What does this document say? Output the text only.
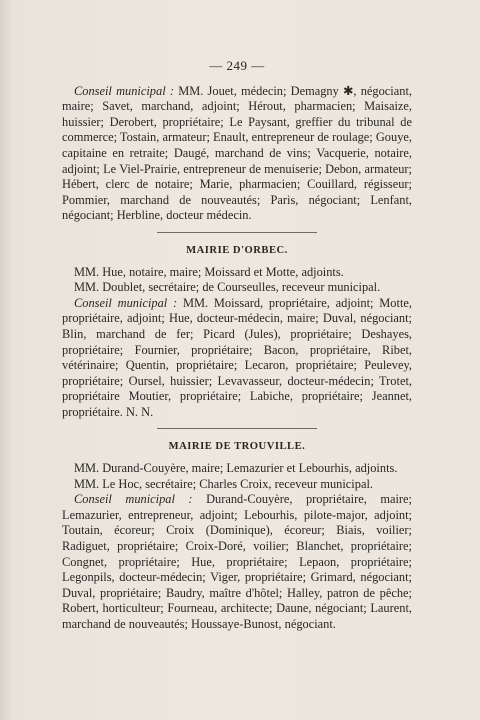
— 249 —

Conseil municipal : MM. Jouet, médecin; Demagny ✱, négociant, maire; Savet, marchand, adjoint; Hérout, pharmacien; Maisaize, huissier; Derobert, propriétaire; Le Paysant, greffier du tribunal de commerce; Tostain, armateur; Enault, entrepreneur de roulage; Gouye, capitaine en retraite; Daugé, marchand de vins; Vacquerie, notaire, adjoint; Le Viel-Prairie, entrepreneur de menuiserie; Debon, armateur; Hébert, clerc de notaire; Marie, pharmacien; Couillard, régisseur; Pommier, marchand de nouveautés; Paris, négociant; Lenfant, négociant; Herbline, docteur médecin.

MAIRIE D'ORBEC.

MM. Hue, notaire, maire; Moissard et Motte, adjoints.

MM. Doublet, secrétaire; de Courseulles, receveur municipal.

Conseil municipal : MM. Moissard, propriétaire, adjoint; Motte, propriétaire, adjoint; Hue, docteur-médecin, maire; Duval, négociant; Blin, marchand de fer; Picard (Jules), propriétaire; Deshayes, propriétaire; Fournier, propriétaire; Bacon, propriétaire, Ribet, vétérinaire; Quentin, propriétaire; Lecaron, propriétaire; Peulevey, propriétaire; Oursel, huissier; Levavasseur, docteur-médecin; Trotet, propriétaire Moutier, propriétaire; Labiche, propriétaire; Jeannet, propriétaire. N. N.

MAIRIE DE TROUVILLE.

MM. Durand-Couyère, maire; Lemazurier et Lebourhis, adjoints.

MM. Le Hoc, secrétaire; Charles Croix, receveur municipal.

Conseil municipal : Durand-Couyère, propriétaire, maire; Lemazurier, entrepreneur, adjoint; Lebourhis, pilote-major, adjoint; Toutain, écoreur; Croix (Dominique), écoreur; Biais, voilier; Radiguet, propriétaire; Croix-Doré, voilier; Blanchet, propriétaire; Congnet, propriétaire; Hue, propriétaire; Lepaon, propriétaire; Legonpils, docteur-médecin; Viger, propriétaire; Grimard, négociant; Duval, propriétaire; Baudry, maître d'hôtel; Halley, patron de pêche; Robert, horticulteur; Fourneau, architecte; Daune, négociant; Laurent, marchand de nouveautés; Houssaye-Bunost, négociant.
